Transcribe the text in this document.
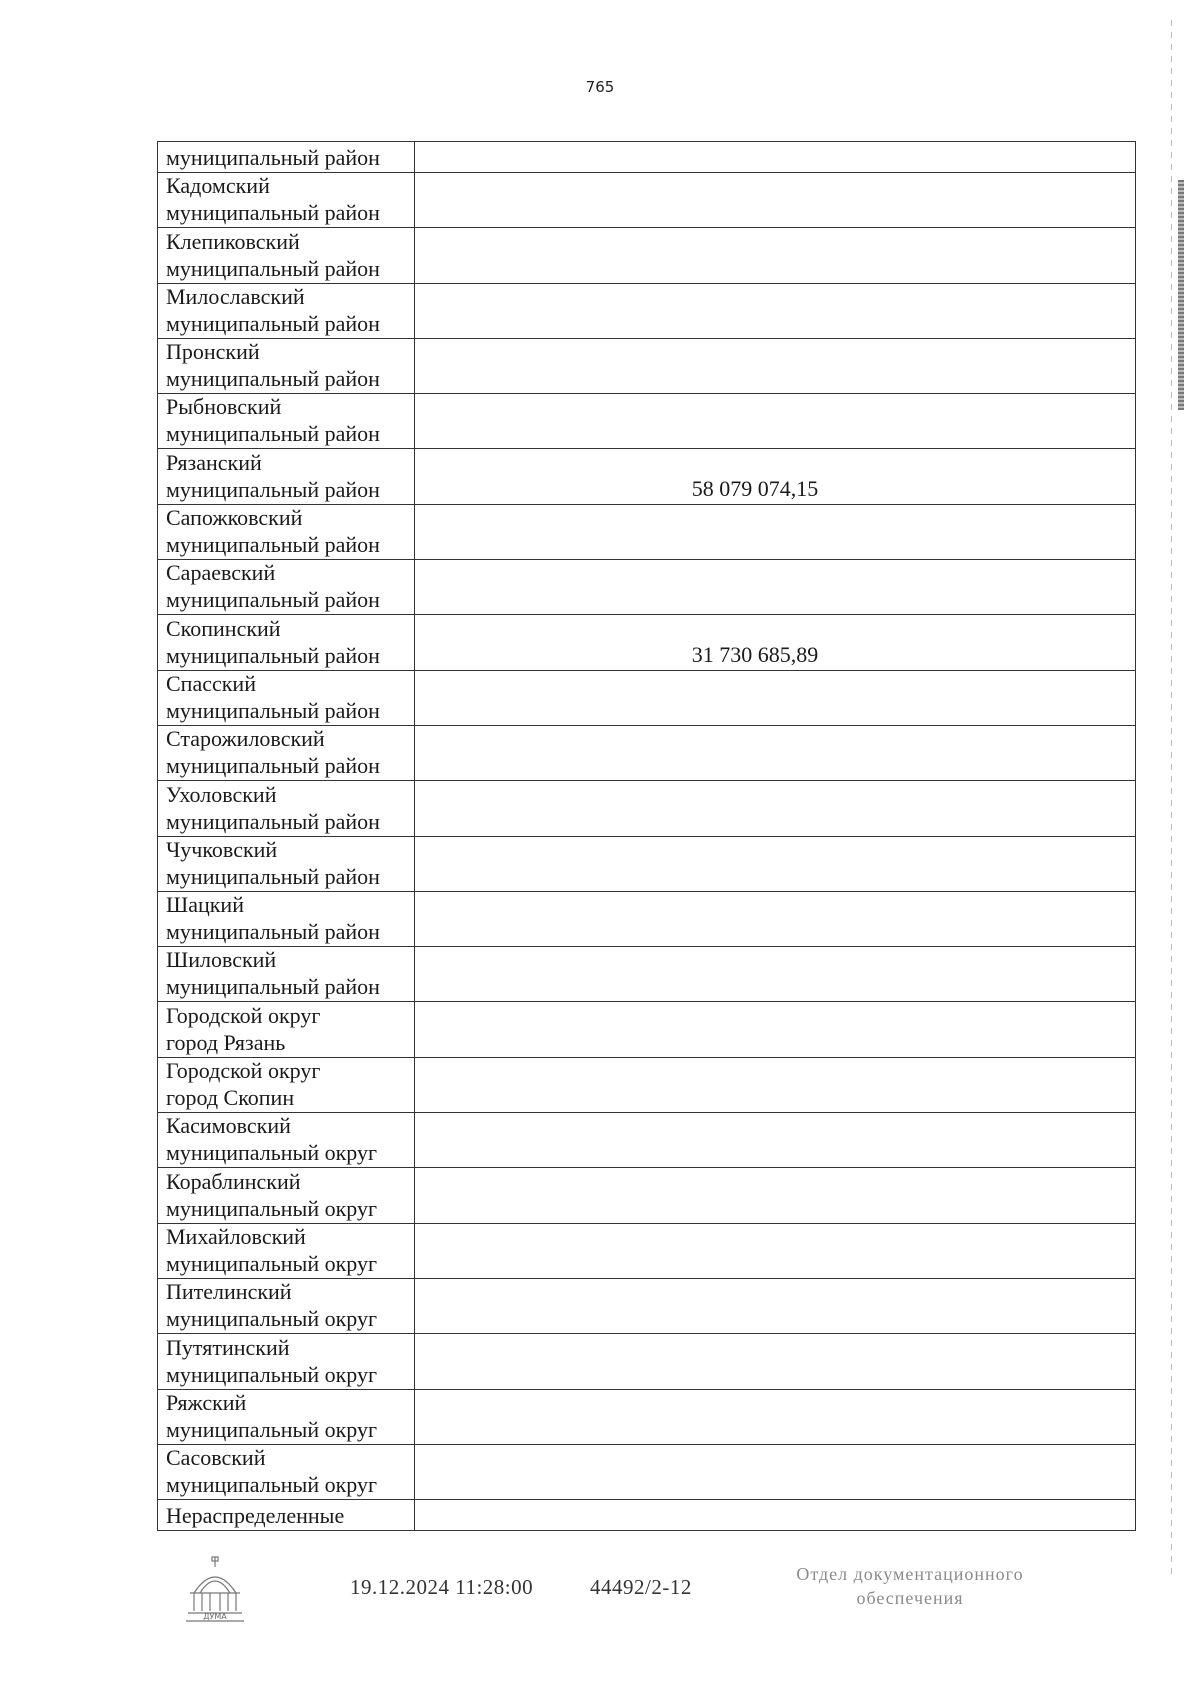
765
муниципальный район
Кадомский
муниципальный район
Клепиковский
муниципальный район
Милославский
муниципальный район
Пронский
муниципальный район
Рыбновский
муниципальный район
Рязанский
муниципальный район	58 079 074,15
Сапожковский
муниципальный район
Сараевский
муниципальный район
Скопинский
муниципальный район	31 730 685,89
Спасский
муниципальный район
Старожиловский
муниципальный район
Ухоловский
муниципальный район
Чучковский
муниципальный район
Шацкий
муниципальный район
Шиловский
муниципальный район
Городской округ
город Рязань
Городской округ
город Скопин
Касимовский
муниципальный округ
Кораблинский
муниципальный округ
Михайловский
муниципальный округ
Пителинский
муниципальный округ
Путятинский
муниципальный округ
Ряжский
муниципальный округ
Сасовский
муниципальный округ
Нераспределенные
ДУМА
19.12.2024 11:28:00	44492/2-12
Отдел документационного
обеспечения
